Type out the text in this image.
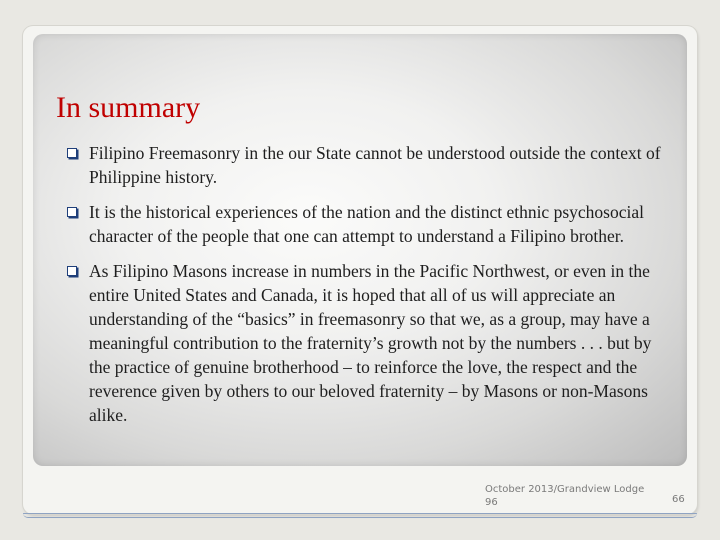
In summary
Filipino Freemasonry in the our State cannot be understood outside the context of Philippine history.
It is the historical experiences of the nation and the distinct ethnic psychosocial character of the people that one can attempt to understand a Filipino brother.
As Filipino Masons increase in numbers in the Pacific Northwest, or even in the entire United States and Canada, it is hoped that all of us will appreciate an understanding of the “basics” in freemasonry so that we, as a group, may have a meaningful contribution to the fraternity’s growth not by the numbers . . . but by the practice of genuine brotherhood – to reinforce the love, the respect and the reverence given by others to our beloved fraternity – by Masons or non-Masons alike.
October 2013/Grandview Lodge 96	66
